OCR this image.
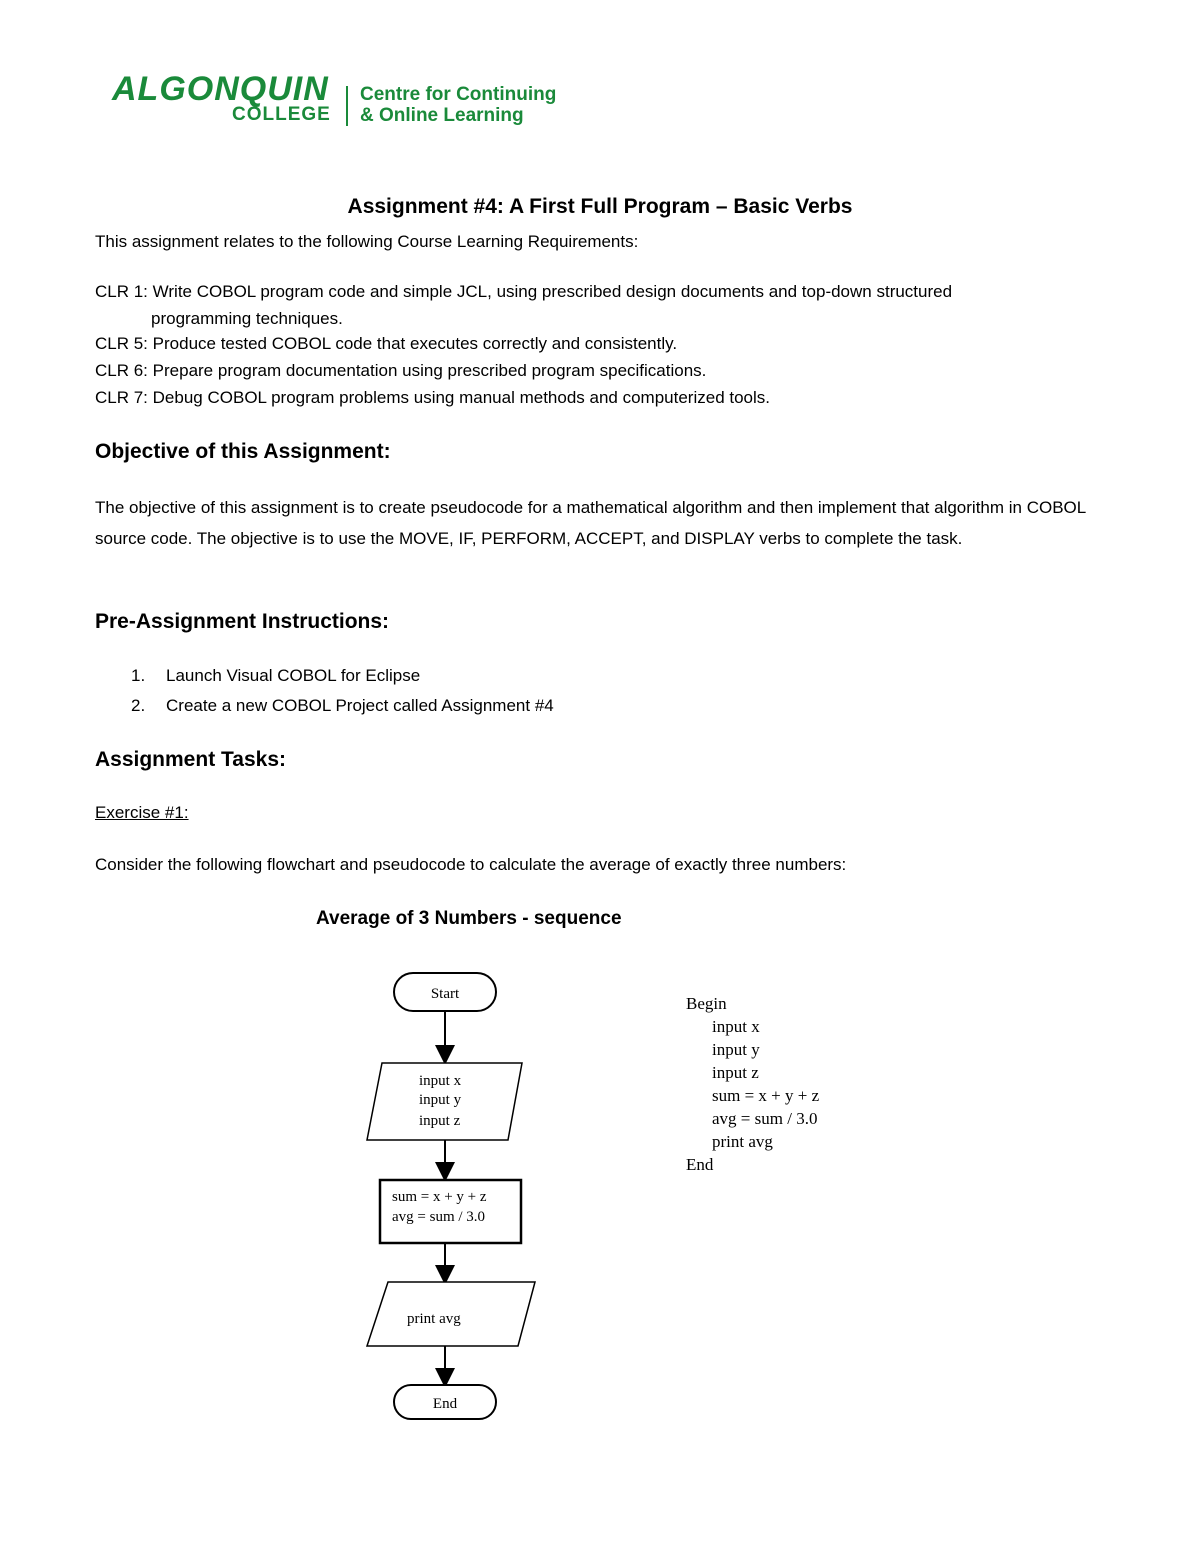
ALGONQUIN
COLLEGE
Centre for Continuing
& Online Learning
Assignment #4: A First Full Program – Basic Verbs
This assignment relates to the following Course Learning Requirements:
CLR 1: Write COBOL program code and simple JCL, using prescribed design documents and top-down structured
programming techniques.
CLR 5: Produce tested COBOL code that executes correctly and consistently.
CLR 6: Prepare program documentation using prescribed program specifications.
CLR 7: Debug COBOL program problems using manual methods and computerized tools.
Objective of this Assignment:
The objective of this assignment is to create pseudocode for a mathematical algorithm and then implement that algorithm in COBOL source code. The objective is to use the MOVE, IF, PERFORM, ACCEPT, and DISPLAY verbs to complete the task.
Pre-Assignment Instructions:
1. Launch Visual COBOL for Eclipse
2. Create a new COBOL Project called Assignment #4
Assignment Tasks:
Exercise #1:
Consider the following flowchart and pseudocode to calculate the average of exactly three numbers:
Average of 3 Numbers - sequence
Start
input x
input y
input z
sum = x + y + z
avg = sum / 3.0
print avg
End
Begin
input x
input y
input z
sum = x + y + z
avg = sum / 3.0
print avg
End
